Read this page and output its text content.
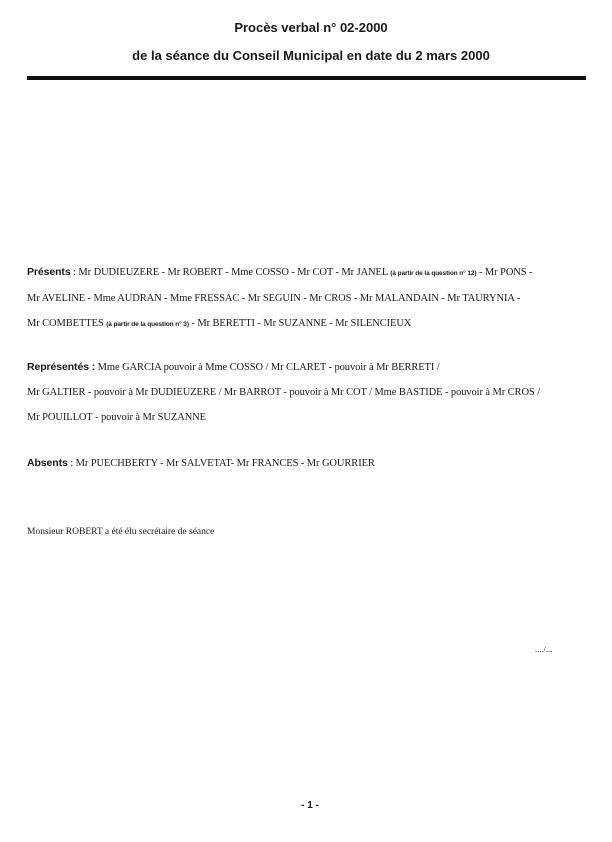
Procès verbal n° 02-2000
de la séance du Conseil Municipal en date du 2 mars 2000
Présents : Mr DUDIEUZERE - Mr ROBERT - Mme COSSO - Mr COT - Mr JANEL (à partir de la question n° 12) - Mr PONS -
Mr AVELINE - Mme AUDRAN - Mme FRESSAC - Mr SEGUIN - Mr CROS - Mr MALANDAIN - Mr TAURYNIA -
Mr COMBETTES (à partir de la question n° 3) - Mr BERETTI - Mr SUZANNE - Mr SILENCIEUX
Représentés : Mme GARCIA pouvoir à Mme COSSO / Mr CLARET - pouvoir à Mr BERRETI /
Mr GALTIER - pouvoir à Mr DUDIEUZERE / Mr BARROT - pouvoir à Mr COT / Mme BASTIDE - pouvoir à Mr CROS /
Mr POUILLOT - pouvoir à Mr SUZANNE
Absents : Mr PUECHBERTY - Mr SALVETAT- Mr FRANCES - Mr GOURRIER
Monsieur ROBERT a été élu secrétaire de séance
..../...
- 1 -
